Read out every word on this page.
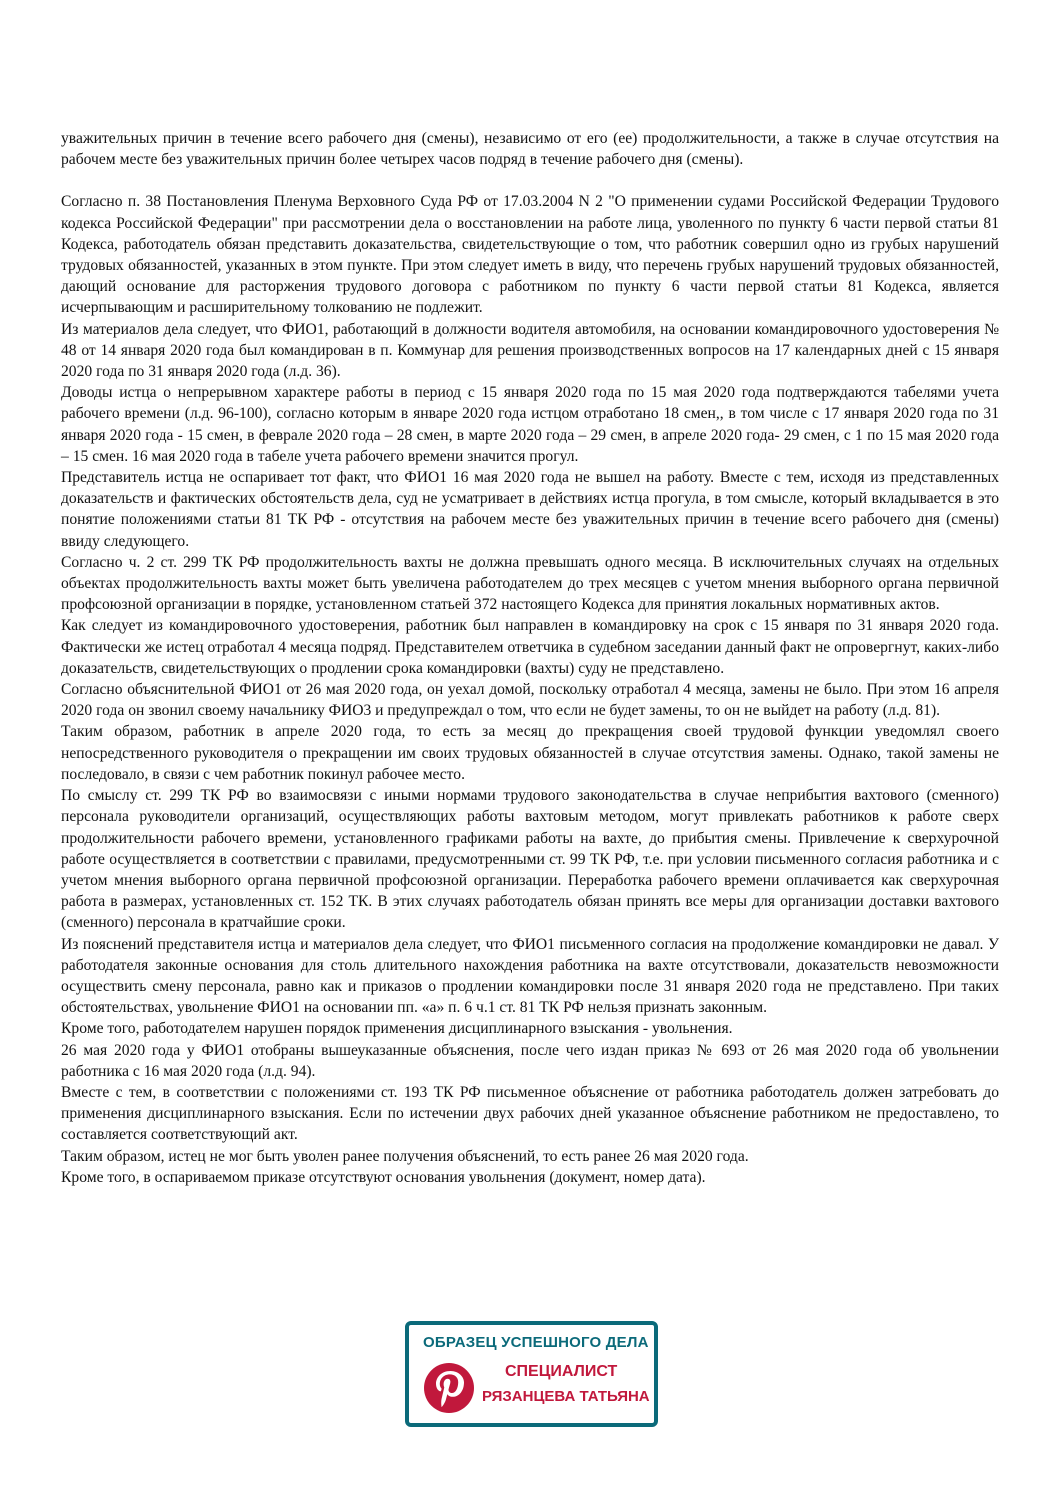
уважительных причин в течение всего рабочего дня (смены), независимо от его (ее) продолжительности, а также в случае отсутствия на рабочем месте без уважительных причин более четырех часов подряд в течение рабочего дня (смены).

Согласно п. 38 Постановления Пленума Верховного Суда РФ от 17.03.2004 N 2 "О применении судами Российской Федерации Трудового кодекса Российской Федерации" при рассмотрении дела о восстановлении на работе лица, уволенного по пункту 6 части первой статьи 81 Кодекса, работодатель обязан представить доказательства, свидетельствующие о том, что работник совершил одно из грубых нарушений трудовых обязанностей, указанных в этом пункте. При этом следует иметь в виду, что перечень грубых нарушений трудовых обязанностей, дающий основание для расторжения трудового договора с работником по пункту 6 части первой статьи 81 Кодекса, является исчерпывающим и расширительному толкованию не подлежит.

Из материалов дела следует, что ФИО1, работающий в должности водителя автомобиля, на основании командировочного удостоверения № 48 от 14 января 2020 года был командирован в п. Коммунар для решения производственных вопросов на 17 календарных дней с 15 января 2020 года по 31 января 2020 года (л.д. 36).

Доводы истца о непрерывном характере работы в период с 15 января 2020 года по 15 мая 2020 года подтверждаются табелями учета рабочего времени (л.д. 96-100), согласно которым в январе 2020 года истцом отработано 18 смен,, в том числе с 17 января 2020 года по 31 января 2020 года - 15 смен, в феврале 2020 года – 28 смен, в марте 2020 года – 29 смен, в апреле 2020 года- 29 смен, с 1 по 15 мая 2020 года – 15 смен. 16 мая 2020 года в табеле учета рабочего времени значится прогул.

Представитель истца не оспаривает тот факт, что ФИО1 16 мая 2020 года не вышел на работу. Вместе с тем, исходя из представленных доказательств и фактических обстоятельств дела, суд не усматривает в действиях истца прогула, в том смысле, который вкладывается в это понятие положениями статьи 81 ТК РФ - отсутствия на рабочем месте без уважительных причин в течение всего рабочего дня (смены) ввиду следующего.

Согласно ч. 2 ст. 299 ТК РФ продолжительность вахты не должна превышать одного месяца. В исключительных случаях на отдельных объектах продолжительность вахты может быть увеличена работодателем до трех месяцев с учетом мнения выборного органа первичной профсоюзной организации в порядке, установленном статьей 372 настоящего Кодекса для принятия локальных нормативных актов.

Как следует из командировочного удостоверения, работник был направлен в командировку на срок с 15 января по 31 января 2020 года. Фактически же истец отработал 4 месяца подряд. Представителем ответчика в судебном заседании данный факт не опровергнут, каких-либо доказательств, свидетельствующих о продлении срока командировки (вахты) суду не представлено.

Согласно объяснительной ФИО1 от 26 мая 2020 года, он уехал домой, поскольку отработал 4 месяца, замены не было. При этом 16 апреля 2020 года он звонил своему начальнику ФИО3 и предупреждал о том, что если не будет замены, то он не выйдет на работу (л.д. 81).

Таким образом, работник в апреле 2020 года, то есть за месяц до прекращения своей трудовой функции уведомлял своего непосредственного руководителя о прекращении им своих трудовых обязанностей в случае отсутствия замены. Однако, такой замены не последовало, в связи с чем работник покинул рабочее место.

По смыслу ст. 299 ТК РФ во взаимосвязи с иными нормами трудового законодательства в случае неприбытия вахтового (сменного) персонала руководители организаций, осуществляющих работы вахтовым методом, могут привлекать работников к работе сверх продолжительности рабочего времени, установленного графиками работы на вахте, до прибытия смены. Привлечение к сверхурочной работе осуществляется в соответствии с правилами, предусмотренными ст. 99 ТК РФ, т.е. при условии письменного согласия работника и с учетом мнения выборного органа первичной профсоюзной организации. Переработка рабочего времени оплачивается как сверхурочная работа в размерах, установленных ст. 152 ТК. В этих случаях работодатель обязан принять все меры для организации доставки вахтового (сменного) персонала в кратчайшие сроки.

Из пояснений представителя истца и материалов дела следует, что ФИО1 письменного согласия на продолжение командировки не давал. У работодателя законные основания для столь длительного нахождения работника на вахте отсутствовали, доказательств невозможности осуществить смену персонала, равно как и приказов о продлении командировки после 31 января 2020 года не представлено. При таких обстоятельствах, увольнение ФИО1 на основании пп. «а» п. 6 ч.1 ст. 81 ТК РФ нельзя признать законным.

Кроме того, работодателем нарушен порядок применения дисциплинарного взыскания - увольнения.

26 мая 2020 года у ФИО1 отобраны вышеуказанные объяснения, после чего издан приказ № 693 от 26 мая 2020 года об увольнении работника с 16 мая 2020 года (л.д. 94).

Вместе с тем, в соответствии с положениями ст. 193 ТК РФ письменное объяснение от работника работодатель должен затребовать до применения дисциплинарного взыскания. Если по истечении двух рабочих дней указанное объяснение работником не предоставлено, то составляется соответствующий акт.

Таким образом, истец не мог быть уволен ранее получения объяснений, то есть ранее 26 мая 2020 года.

Кроме того, в оспариваемом приказе отсутствуют основания увольнения (документ, номер дата).

ОБРАЗЕЦ УСПЕШНОГО ДЕЛА
СПЕЦИАЛИСТ
РЯЗАНЦЕВА ТАТЬЯНА
